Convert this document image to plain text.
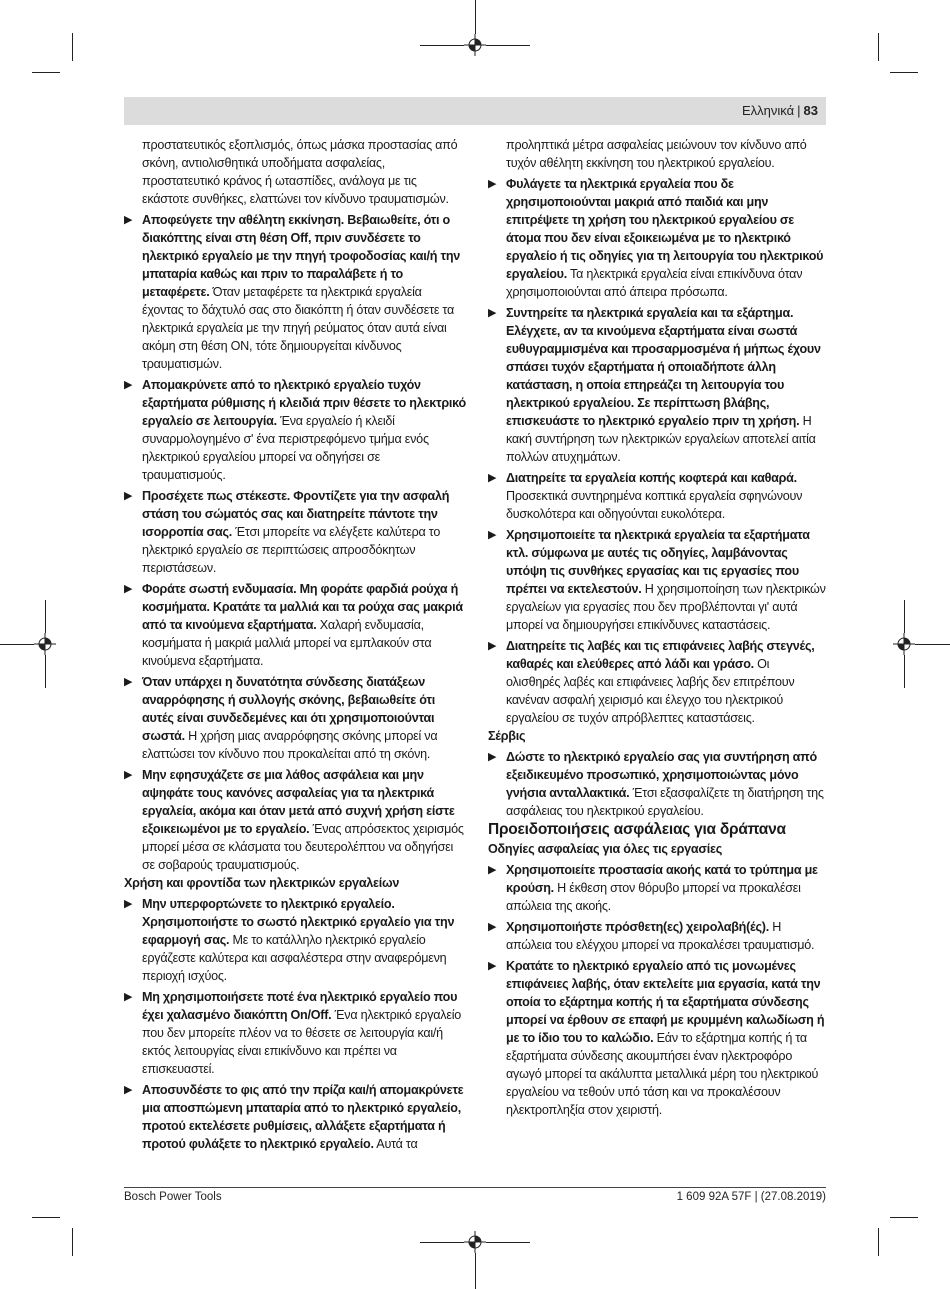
Ελληνικά | 83

προστατευτικός εξοπλισμός, όπως μάσκα προστασίας από σκόνη, αντιολισθητικά υποδήματα ασφαλείας, προστατευτικό κράνος ή ωτασπίδες, ανάλογα με τις εκάστοτε συνθήκες, ελαττώνει τον κίνδυνο τραυματισμών.

▶ Αποφεύγετε την αθέλητη εκκίνηση. Βεβαιωθείτε, ότι ο διακόπτης είναι στη θέση Off, πριν συνδέσετε το ηλεκτρικό εργαλείο με την πηγή τροφοδοσίας και/ή την μπαταρία καθώς και πριν το παραλάβετε ή το μεταφέρετε. Όταν μεταφέρετε τα ηλεκτρικά εργαλεία έχοντας το δάχτυλό σας στο διακόπτη ή όταν συνδέσετε τα ηλεκτρικά εργαλεία με την πηγή ρεύματος όταν αυτά είναι ακόμη στη θέση ON, τότε δημιουργείται κίνδυνος τραυματισμών.
▶ Απομακρύνετε από το ηλεκτρικό εργαλείο τυχόν εξαρτήματα ρύθμισης ή κλειδιά πριν θέσετε το ηλεκτρικό εργαλείο σε λειτουργία. Ένα εργαλείο ή κλειδί συναρμολογημένο σ' ένα περιστρεφόμενο τμήμα ενός ηλεκτρικού εργαλείου μπορεί να οδηγήσει σε τραυματισμούς.
▶ Προσέχετε πως στέκεστε. Φροντίζετε για την ασφαλή στάση του σώματός σας και διατηρείτε πάντοτε την ισορροπία σας. Έτσι μπορείτε να ελέγξετε καλύτερα το ηλεκτρικό εργαλείο σε περιπτώσεις απροσδόκητων περιστάσεων.
▶ Φοράτε σωστή ενδυμασία. Μη φοράτε φαρδιά ρούχα ή κοσμήματα. Κρατάτε τα μαλλιά και τα ρούχα σας μακριά από τα κινούμενα εξαρτήματα. Χαλαρή ενδυμασία, κοσμήματα ή μακριά μαλλιά μπορεί να εμπλακούν στα κινούμενα εξαρτήματα.
▶ Όταν υπάρχει η δυνατότητα σύνδεσης διατάξεων αναρρόφησης ή συλλογής σκόνης, βεβαιωθείτε ότι αυτές είναι συνδεδεμένες και ότι χρησιμοποιούνται σωστά. Η χρήση μιας αναρρόφησης σκόνης μπορεί να ελαττώσει τον κίνδυνο που προκαλείται από τη σκόνη.
▶ Μην εφησυχάζετε σε μια λάθος ασφάλεια και μην αψηφάτε τους κανόνες ασφαλείας για τα ηλεκτρικά εργαλεία, ακόμα και όταν μετά από συχνή χρήση είστε εξοικειωμένοι με το εργαλείο. Ένας απρόσεκτος χειρισμός μπορεί μέσα σε κλάσματα του δευτερολέπτου να οδηγήσει σε σοβαρούς τραυματισμούς.

Χρήση και φροντίδα των ηλεκτρικών εργαλείων

▶ Μην υπερφορτώνετε το ηλεκτρικό εργαλείο. Χρησιμοποιήστε το σωστό ηλεκτρικό εργαλείο για την εφαρμογή σας. Με το κατάλληλο ηλεκτρικό εργαλείο εργάζεστε καλύτερα και ασφαλέστερα στην αναφερόμενη περιοχή ισχύος.
▶ Μη χρησιμοποιήσετε ποτέ ένα ηλεκτρικό εργαλείο που έχει χαλασμένο διακόπτη On/Off. Ένα ηλεκτρικό εργαλείο που δεν μπορείτε πλέον να το θέσετε σε λειτουργία και/ή εκτός λειτουργίας είναι επικίνδυνο και πρέπει να επισκευαστεί.
▶ Αποσυνδέστε το φις από την πρίζα και/ή απομακρύνετε μια αποσπώμενη μπαταρία από το ηλεκτρικό εργαλείο, προτού εκτελέσετε ρυθμίσεις, αλλάξετε εξαρτήματα ή προτού φυλάξετε το ηλεκτρικό εργαλείο. Αυτά τα

προληπτικά μέτρα ασφαλείας μειώνουν τον κίνδυνο από τυχόν αθέλητη εκκίνηση του ηλεκτρικού εργαλείου.

▶ Φυλάγετε τα ηλεκτρικά εργαλεία που δε χρησιμοποιούνται μακριά από παιδιά και μην επιτρέψετε τη χρήση του ηλεκτρικού εργαλείου σε άτομα που δεν είναι εξοικειωμένα με το ηλεκτρικό εργαλείο ή τις οδηγίες για τη λειτουργία του ηλεκτρικού εργαλείου. Τα ηλεκτρικά εργαλεία είναι επικίνδυνα όταν χρησιμοποιούνται από άπειρα πρόσωπα.
▶ Συντηρείτε τα ηλεκτρικά εργαλεία και τα εξάρτημα. Ελέγχετε, αν τα κινούμενα εξαρτήματα είναι σωστά ευθυγραμμισμένα και προσαρμοσμένα ή μήπως έχουν σπάσει τυχόν εξαρτήματα ή οποιαδήποτε άλλη κατάσταση, η οποία επηρεάζει τη λειτουργία του ηλεκτρικού εργαλείου. Σε περίπτωση βλάβης, επισκευάστε το ηλεκτρικό εργαλείο πριν τη χρήση. Η κακή συντήρηση των ηλεκτρικών εργαλείων αποτελεί αιτία πολλών ατυχημάτων.
▶ Διατηρείτε τα εργαλεία κοπής κοφτερά και καθαρά. Προσεκτικά συντηρημένα κοπτικά εργαλεία σφηνώνουν δυσκολότερα και οδηγούνται ευκολότερα.
▶ Χρησιμοποιείτε τα ηλεκτρικά εργαλεία τα εξαρτήματα κτλ. σύμφωνα με αυτές τις οδηγίες, λαμβάνοντας υπόψη τις συνθήκες εργασίας και τις εργασίες που πρέπει να εκτελεστούν. Η χρησιμοποίηση των ηλεκτρικών εργαλείων για εργασίες που δεν προβλέπονται γι' αυτά μπορεί να δημιουργήσει επικίνδυνες καταστάσεις.
▶ Διατηρείτε τις λαβές και τις επιφάνειες λαβής στεγνές, καθαρές και ελεύθερες από λάδι και γράσο. Οι ολισθηρές λαβές και επιφάνειες λαβής δεν επιτρέπουν κανέναν ασφαλή χειρισμό και έλεγχο του ηλεκτρικού εργαλείου σε τυχόν απρόβλεπτες καταστάσεις.

Σέρβις

▶ Δώστε το ηλεκτρικό εργαλείο σας για συντήρηση από εξειδικευμένο προσωπικό, χρησιμοποιώντας μόνο γνήσια ανταλλακτικά. Έτσι εξασφαλίζετε τη διατήρηση της ασφάλειας του ηλεκτρικού εργαλείου.

Προειδοποιήσεις ασφάλειας για δράπανα

Οδηγίες ασφαλείας για όλες τις εργασίες

▶ Χρησιμοποιείτε προστασία ακοής κατά το τρύπημα με κρούση. Η έκθεση στον θόρυβο μπορεί να προκαλέσει απώλεια της ακοής.
▶ Χρησιμοποιήστε πρόσθετη(ες) χειρολαβή(ές). Η απώλεια του ελέγχου μπορεί να προκαλέσει τραυματισμό.
▶ Κρατάτε το ηλεκτρικό εργαλείο από τις μονωμένες επιφάνειες λαβής, όταν εκτελείτε μια εργασία, κατά την οποία το εξάρτημα κοπής ή τα εξαρτήματα σύνδεσης μπορεί να έρθουν σε επαφή με κρυμμένη καλωδίωση ή με το ίδιο του το καλώδιο. Εάν το εξάρτημα κοπής ή τα εξαρτήματα σύνδεσης ακουμπήσει έναν ηλεκτροφόρο αγωγό μπορεί τα ακάλυπτα μεταλλικά μέρη του ηλεκτρικού εργαλείου να τεθούν υπό τάση και να προκαλέσουν ηλεκτροπληξία στον χειριστή.
Bosch Power Tools	1 609 92A 57F | (27.08.2019)
